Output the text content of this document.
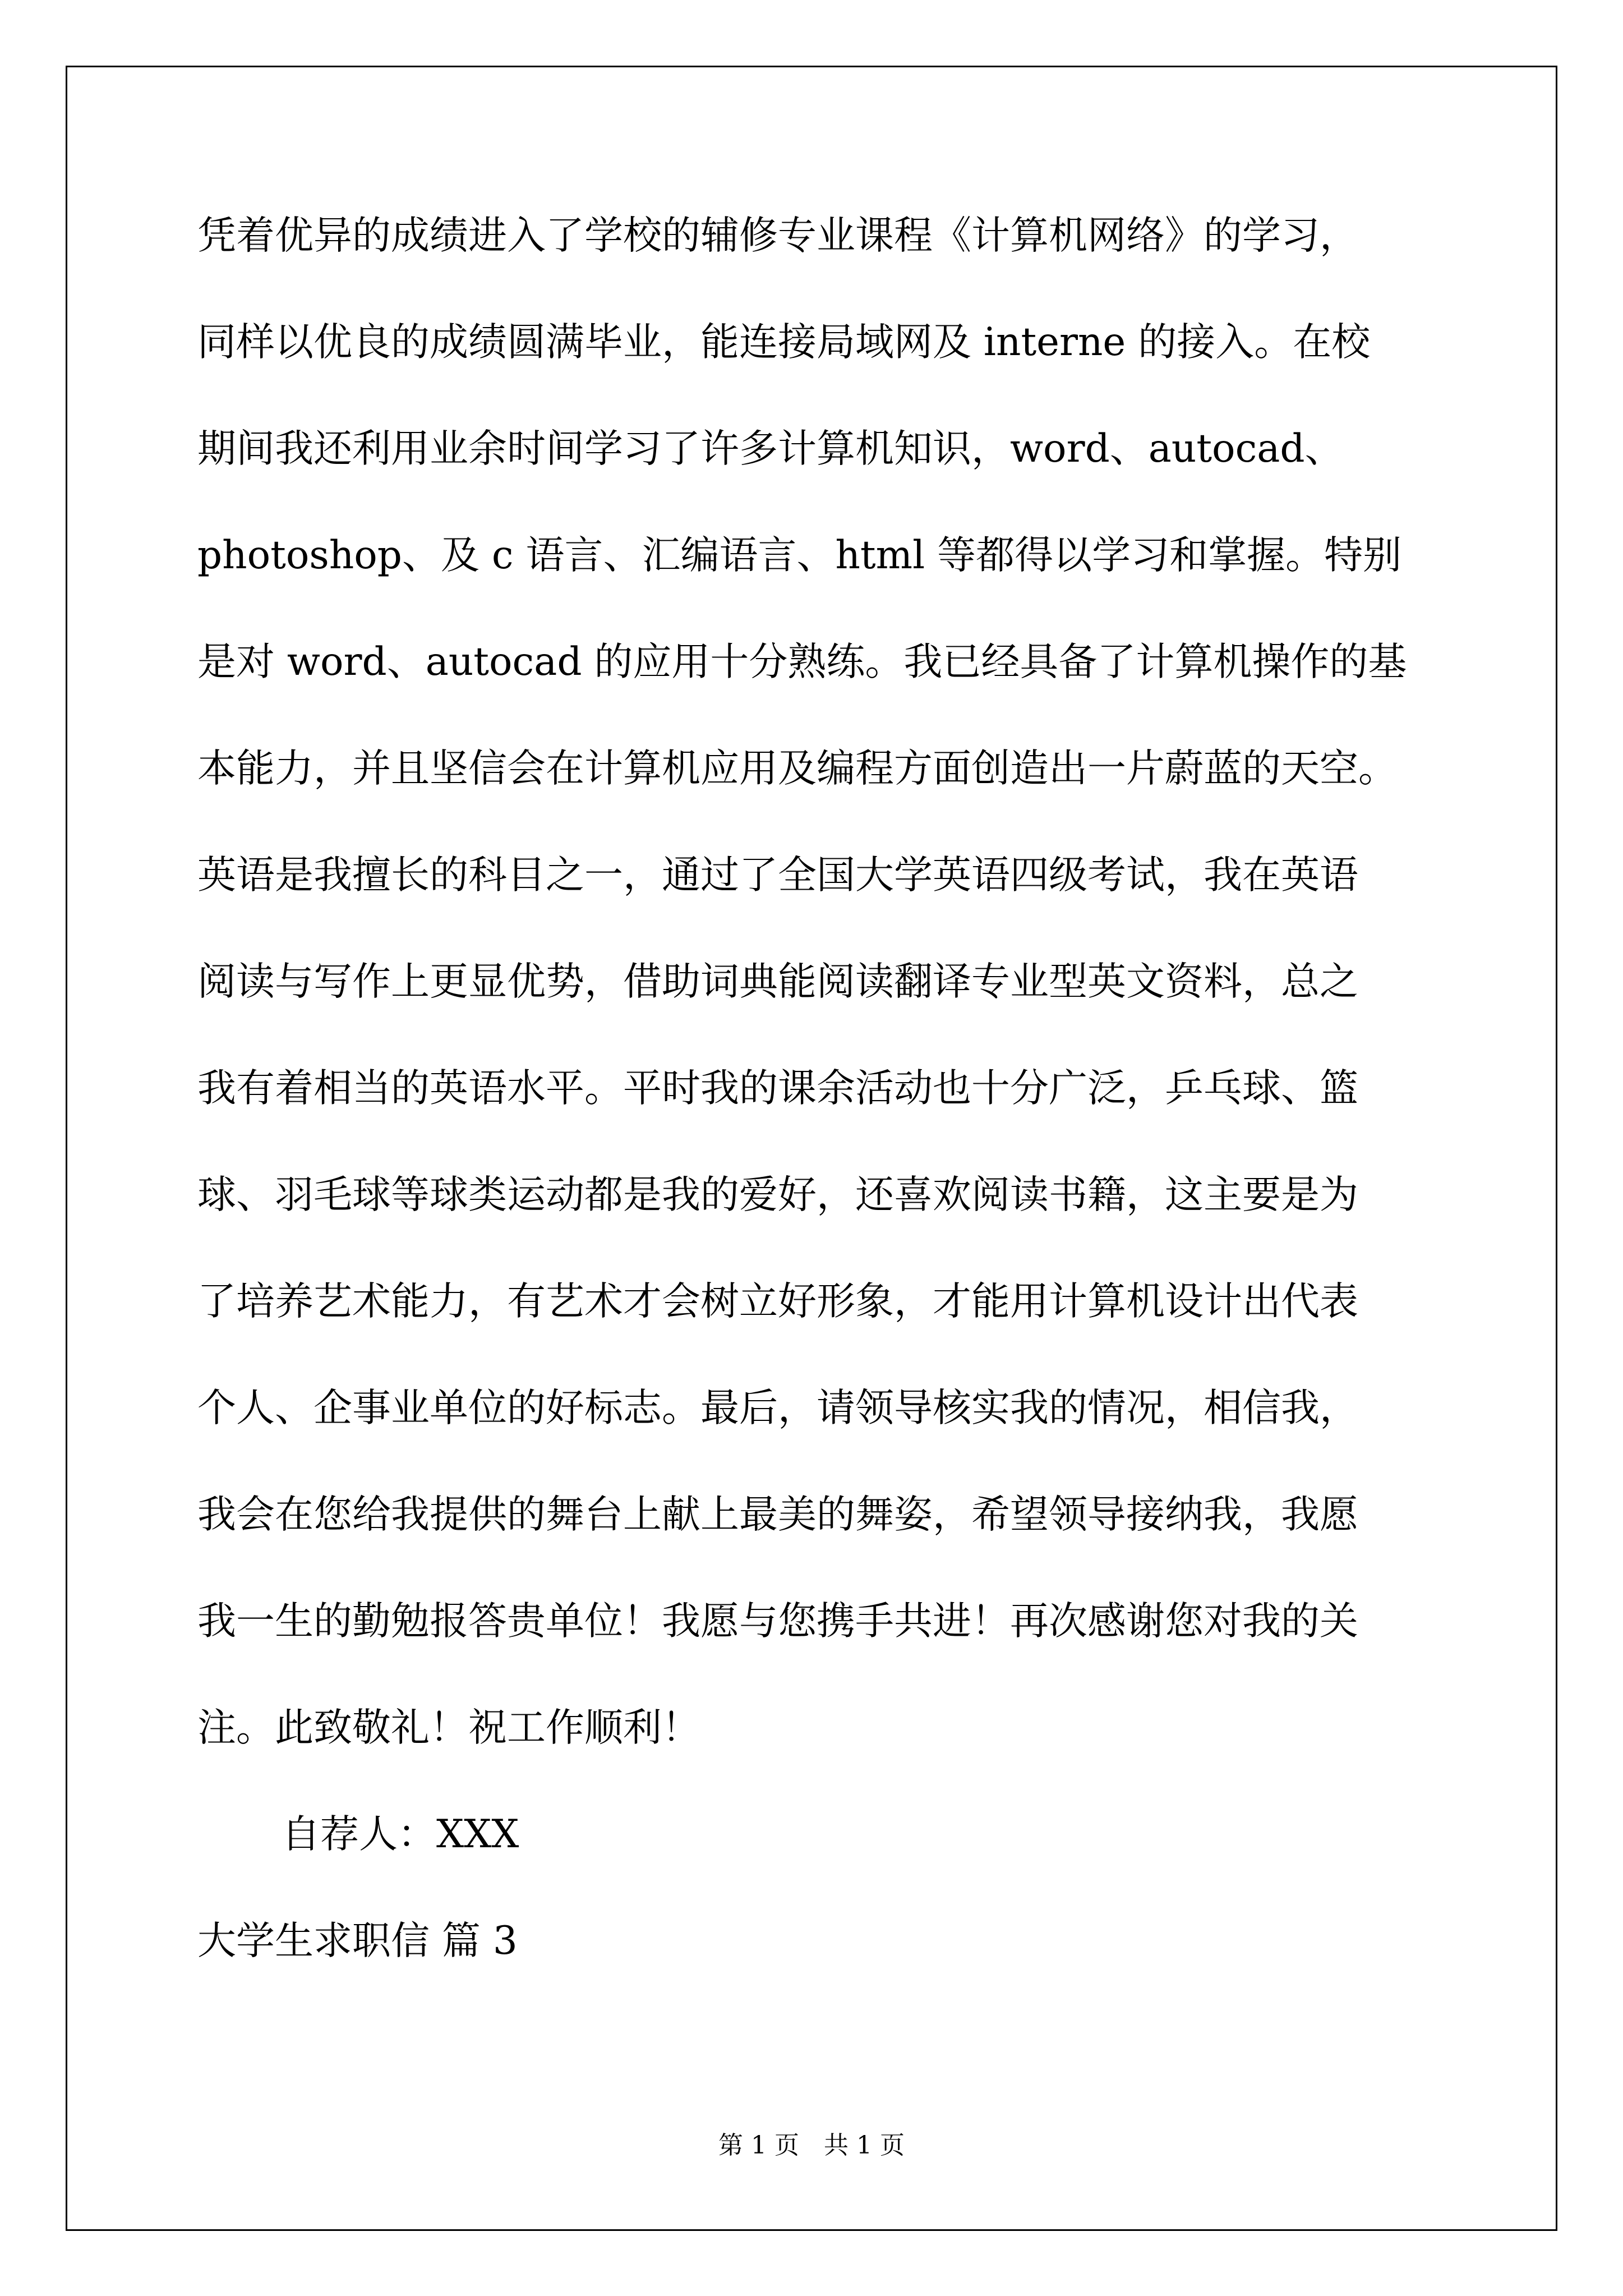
凭着优异的成绩进入了学校的辅修专业课程《计算机网络》的学习，
同样以优良的成绩圆满毕业，能连接局域网及 interne 的接入。在校
期间我还利用业余时间学习了许多计算机知识，word、autocad、
photoshop、及 c 语言、汇编语言、html 等都得以学习和掌握。特别
是对 word、autocad 的应用十分熟练。我已经具备了计算机操作的基
本能力，并且坚信会在计算机应用及编程方面创造出一片蔚蓝的天空。
英语是我擅长的科目之一，通过了全国大学英语四级考试，我在英语
阅读与写作上更显优势，借助词典能阅读翻译专业型英文资料，总之
我有着相当的英语水平。平时我的课余活动也十分广泛，乒乓球、篮
球、羽毛球等球类运动都是我的爱好，还喜欢阅读书籍，这主要是为
了培养艺术能力，有艺术才会树立好形象，才能用计算机设计出代表
个人、企事业单位的好标志。最后，请领导核实我的情况，相信我，
我会在您给我提供的舞台上献上最美的舞姿，希望领导接纳我，我愿
我一生的勤勉报答贵单位！我愿与您携手共进！再次感谢您对我的关
注。此致敬礼！祝工作顺利！
自荐人：XXX
大学生求职信 篇 3
第 1 页　共 1 页
